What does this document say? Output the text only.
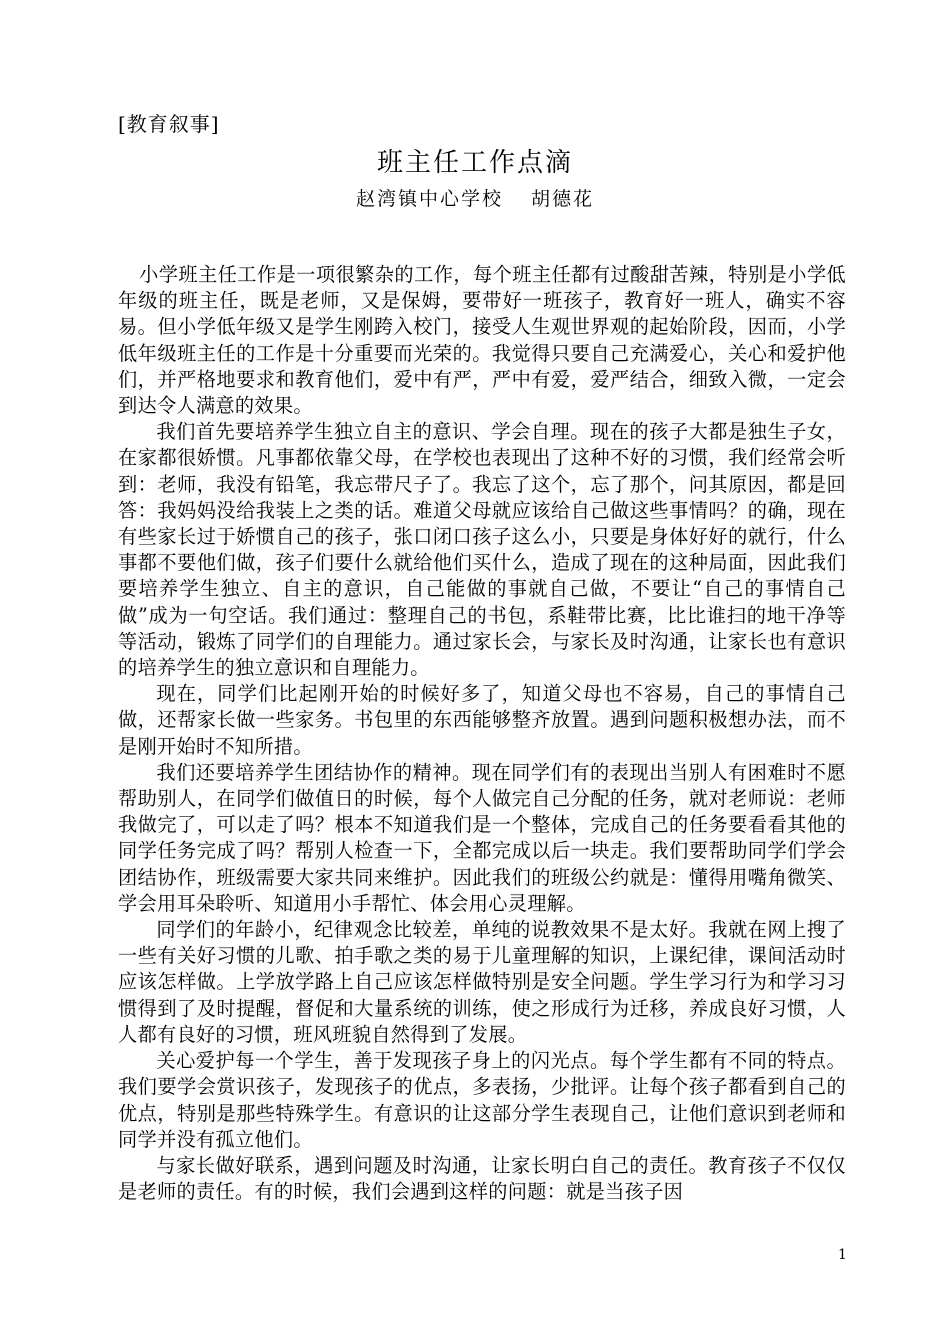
[教育叙事]
班主任工作点滴
赵湾镇中心学校 胡德花

小学班主任工作是一项很繁杂的工作，每个班主任都有过酸甜苦辣，特别是小学低年级的班主任，既是老师，又是保姆，要带好一班孩子，教育好一班人，确实不容易。但小学低年级又是学生刚跨入校门，接受人生观世界观的起始阶段，因而，小学低年级班主任的工作是十分重要而光荣的。我觉得只要自己充满爱心，关心和爱护他们，并严格地要求和教育他们，爱中有严，严中有爱，爱严结合，细致入微，一定会到达令人满意的效果。

我们首先要培养学生独立自主的意识、学会自理。现在的孩子大都是独生子女，在家都很娇惯。凡事都依靠父母，在学校也表现出了这种不好的习惯，我们经常会听到：老师，我没有铅笔，我忘带尺子了。我忘了这个，忘了那个，问其原因，都是回答：我妈妈没给我装上之类的话。难道父母就应该给自己做这些事情吗？的确，现在有些家长过于娇惯自己的孩子，张口闭口孩子这么小，只要是身体好好的就行，什么事都不要他们做，孩子们要什么就给他们买什么，造成了现在的这种局面，因此我们要培养学生独立、自主的意识，自己能做的事就自己做，不要让“自己的事情自己做”成为一句空话。我们通过：整理自己的书包，系鞋带比赛，比比谁扫的地干净等等活动，锻炼了同学们的自理能力。通过家长会，与家长及时沟通，让家长也有意识的培养学生的独立意识和自理能力。

现在，同学们比起刚开始的时候好多了，知道父母也不容易，自己的事情自己做，还帮家长做一些家务。书包里的东西能够整齐放置。遇到问题积极想办法，而不是刚开始时不知所措。

我们还要培养学生团结协作的精神。现在同学们有的表现出当别人有困难时不愿帮助别人，在同学们做值日的时候，每个人做完自己分配的任务，就对老师说：老师我做完了，可以走了吗？根本不知道我们是一个整体，完成自己的任务要看看其他的同学任务完成了吗？帮别人检查一下，全都完成以后一块走。我们要帮助同学们学会团结协作，班级需要大家共同来维护。因此我们的班级公约就是：懂得用嘴角微笑、学会用耳朵聆听、知道用小手帮忙、体会用心灵理解。

同学们的年龄小，纪律观念比较差，单纯的说教效果不是太好。我就在网上搜了一些有关好习惯的儿歌、拍手歌之类的易于儿童理解的知识，上课纪律，课间活动时应该怎样做。上学放学路上自己应该怎样做特别是安全问题。学生学习行为和学习习惯得到了及时提醒，督促和大量系统的训练，使之形成行为迁移，养成良好习惯，人人都有良好的习惯，班风班貌自然得到了发展。

关心爱护每一个学生，善于发现孩子身上的闪光点。每个学生都有不同的特点。我们要学会赏识孩子，发现孩子的优点，多表扬，少批评。让每个孩子都看到自己的优点，特别是那些特殊学生。有意识的让这部分学生表现自己，让他们意识到老师和同学并没有孤立他们。

与家长做好联系，遇到问题及时沟通，让家长明白自己的责任。教育孩子不仅仅是老师的责任。有的时候，我们会遇到这样的问题：就是当孩子因

1
